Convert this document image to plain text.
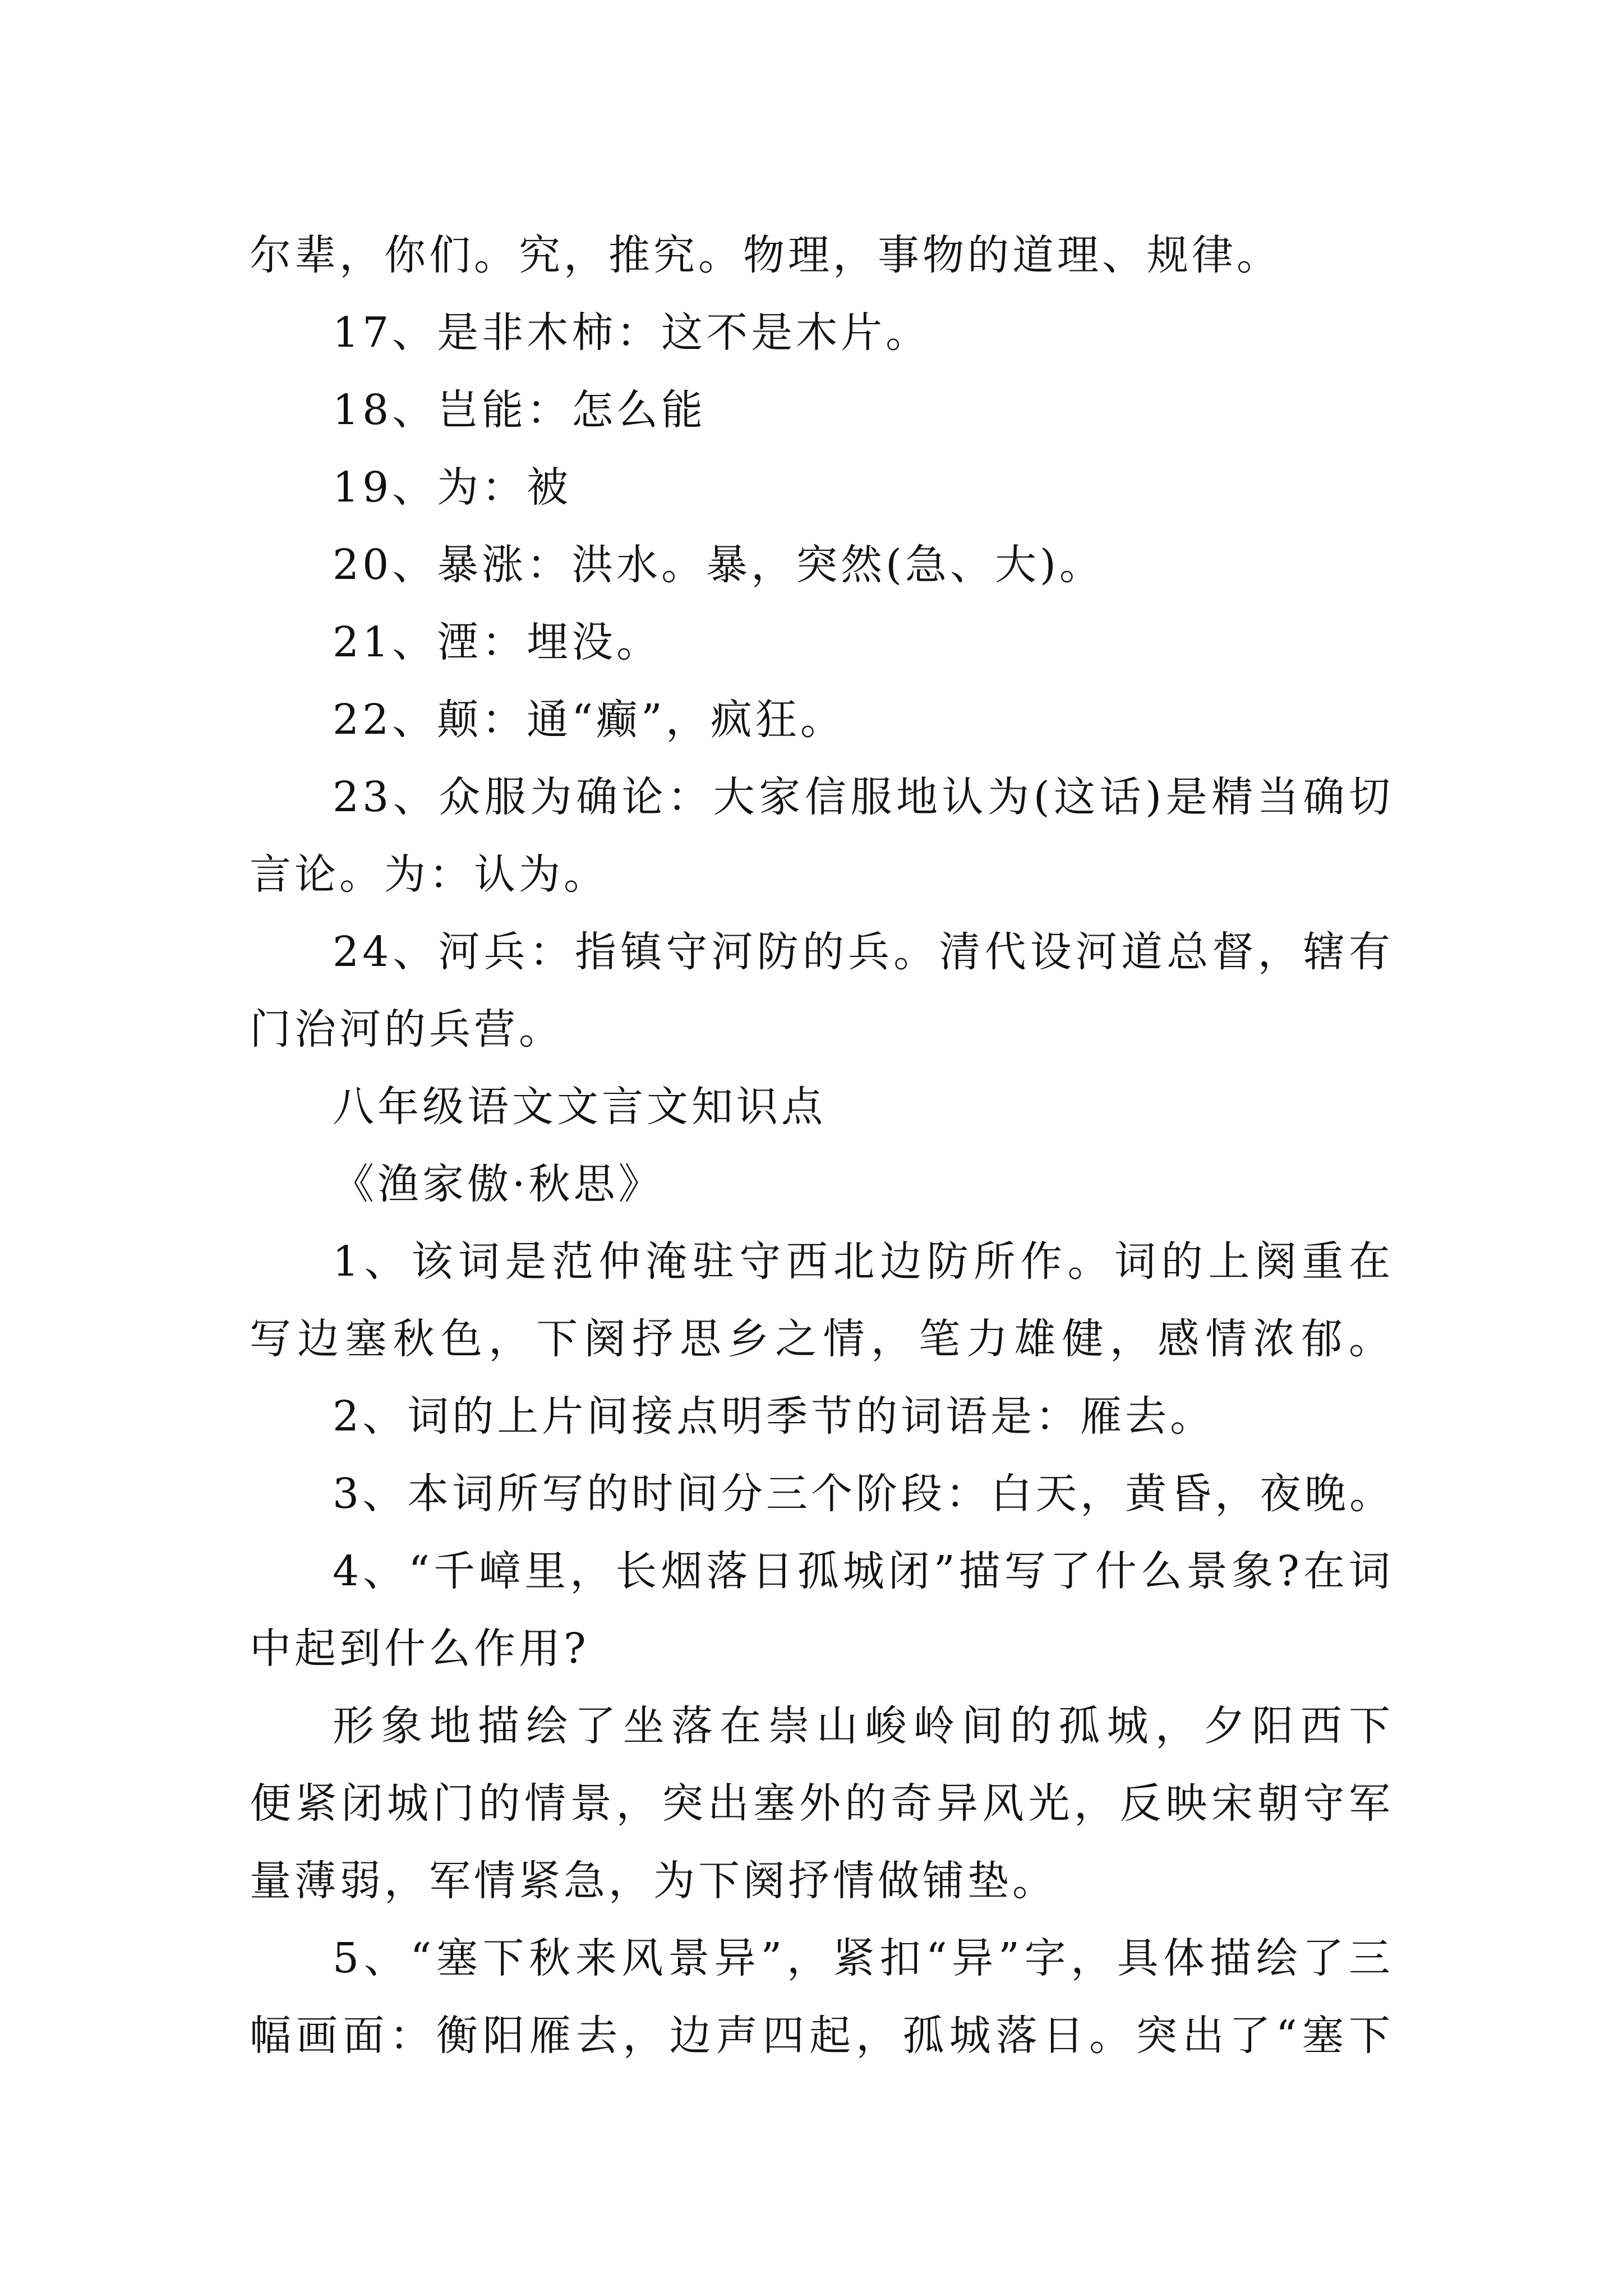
尔辈，你们。究，推究。物理，事物的道理、规律。
17、是非木柿：这不是木片。
18、岂能：怎么能
19、为：被
20、暴涨：洪水。暴，突然(急、大)。
21、湮：埋没。
22、颠：通“癫”，疯狂。
23、众服为确论：大家信服地认为(这话)是精当确切
言论。为：认为。
24、河兵：指镇守河防的兵。清代设河道总督，辖有
门治河的兵营。
八年级语文文言文知识点
《渔家傲·秋思》
1、该词是范仲淹驻守西北边防所作。词的上阕重在
写边塞秋色，下阕抒思乡之情，笔力雄健，感情浓郁。
2、词的上片间接点明季节的词语是：雁去。
3、本词所写的时间分三个阶段：白天，黄昏，夜晚。
4、“千嶂里，长烟落日孤城闭”描写了什么景象?在词
中起到什么作用?
形象地描绘了坐落在崇山峻岭间的孤城，夕阳西下
便紧闭城门的情景，突出塞外的奇异风光，反映宋朝守军
量薄弱，军情紧急，为下阕抒情做铺垫。
5、“塞下秋来风景异”，紧扣“异”字，具体描绘了三
幅画面：衡阳雁去，边声四起，孤城落日。突出了“塞下
